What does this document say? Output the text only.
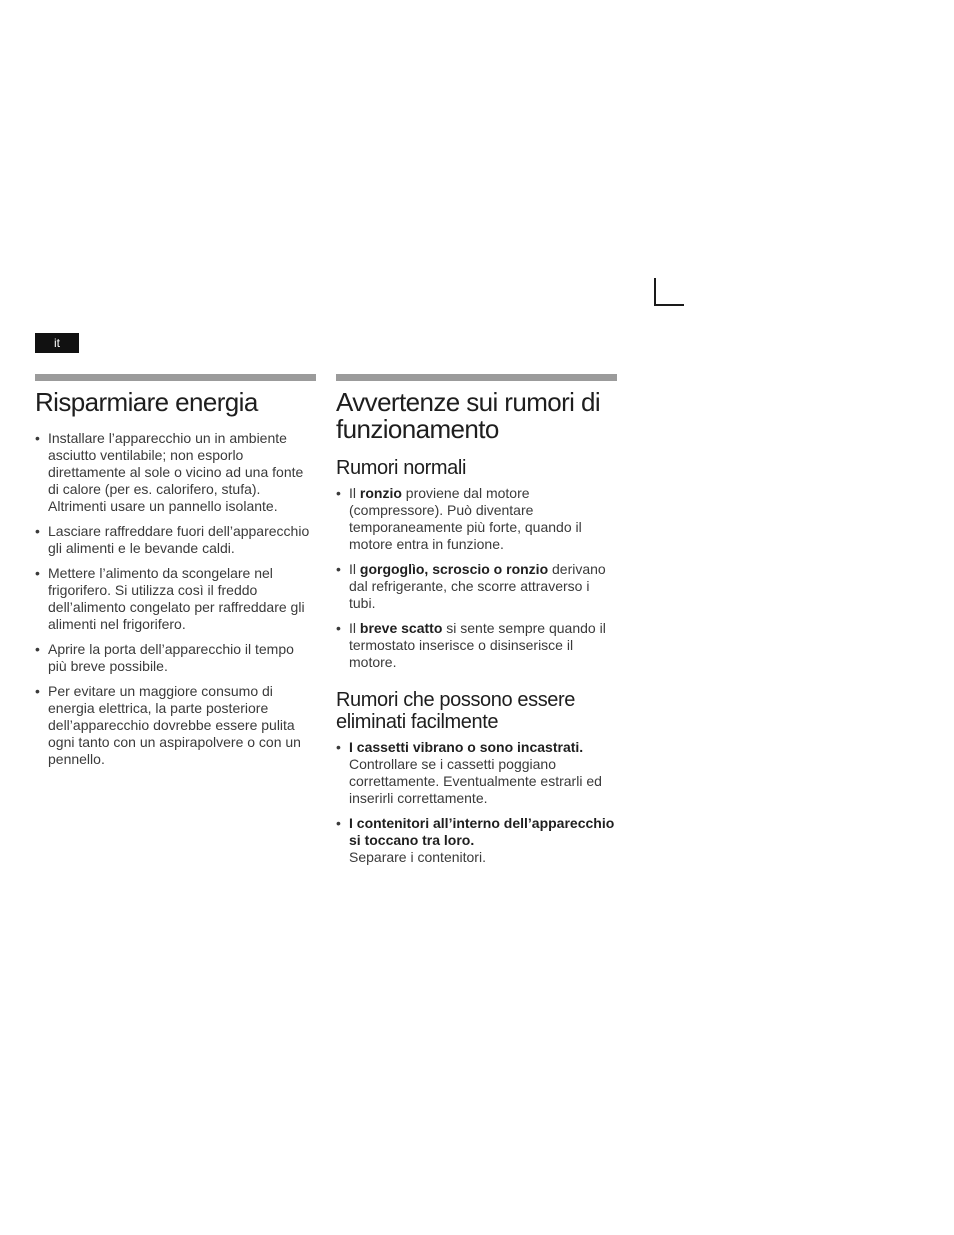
it
Risparmiare energia
• Installare l’apparecchio un in ambiente asciutto ventilabile; non esporlo direttamente al sole o vicino ad una fonte di calore (per es. calorifero, stufa). Altrimenti usare un pannello isolante.
• Lasciare raffreddare fuori dell’apparecchio gli alimenti e le bevande caldi.
• Mettere l’alimento da scongelare nel frigorifero. Si utilizza così il freddo dell’alimento congelato per raffreddare gli alimenti nel frigorifero.
• Aprire la porta dell’apparecchio il tempo più breve possibile.
• Per evitare un maggiore consumo di energia elettrica, la parte posteriore dell’apparecchio dovrebbe essere pulita ogni tanto con un aspirapolvere o con un pennello.
Avvertenze sui rumori di funzionamento
Rumori normali
• Il ronzio proviene dal motore (compressore). Può diventare temporaneamente più forte, quando il motore entra in funzione.
• Il gorgoglìo, scroscio o ronzio derivano dal refrigerante, che scorre attraverso i tubi.
• Il breve scatto si sente sempre quando il termostato inserisce o disinserisce il motore.
Rumori che possono essere eliminati facilmente
• I cassetti vibrano o sono incastrati.
Controllare se i cassetti poggiano correttamente. Eventualmente estrarli ed inserirli correttamente.
• I contenitori all’interno dell’apparecchio si toccano tra loro.
Separare i contenitori.
